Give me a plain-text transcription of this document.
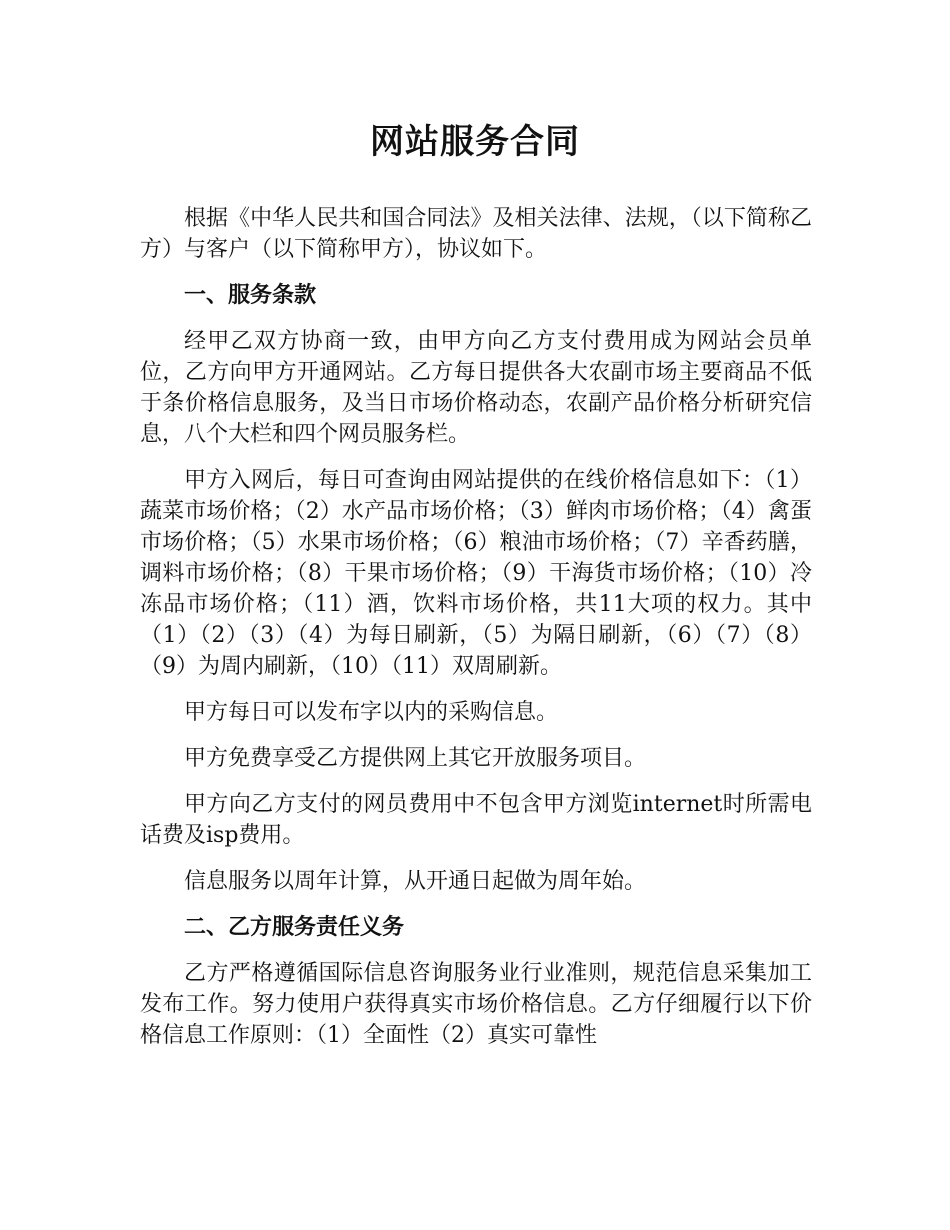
网站服务合同

根据《中华人民共和国合同法》及相关法律、法规，（以下简称乙方）与客户（以下简称甲方），协议如下。

一、服务条款

经甲乙双方协商一致，由甲方向乙方支付费用成为网站会员单位，乙方向甲方开通网站。乙方每日提供各大农副市场主要商品不低于条价格信息服务，及当日市场价格动态，农副产品价格分析研究信息，八个大栏和四个网员服务栏。

甲方入网后，每日可查询由网站提供的在线价格信息如下：（1）蔬菜市场价格；（2）水产品市场价格；（3）鲜肉市场价格；（4）禽蛋市场价格；（5）水果市场价格；（6）粮油市场价格；（7）辛香药膳，调料市场价格；（8）干果市场价格；（9）干海货市场价格；（10）冷冻品市场价格；（11）酒，饮料市场价格，共11大项的权力。其中（1）（2）（3）（4）为每日刷新，（5）为隔日刷新，（6）（7）（8）（9）为周内刷新，（10）（11）双周刷新。

甲方每日可以发布字以内的采购信息。

甲方免费享受乙方提供网上其它开放服务项目。

甲方向乙方支付的网员费用中不包含甲方浏览internet时所需电话费及isp费用。

信息服务以周年计算，从开通日起做为周年始。

二、乙方服务责任义务

乙方严格遵循国际信息咨询服务业行业准则，规范信息采集加工发布工作。努力使用户获得真实市场价格信息。乙方仔细履行以下价格信息工作原则：（1）全面性（2）真实可靠性
